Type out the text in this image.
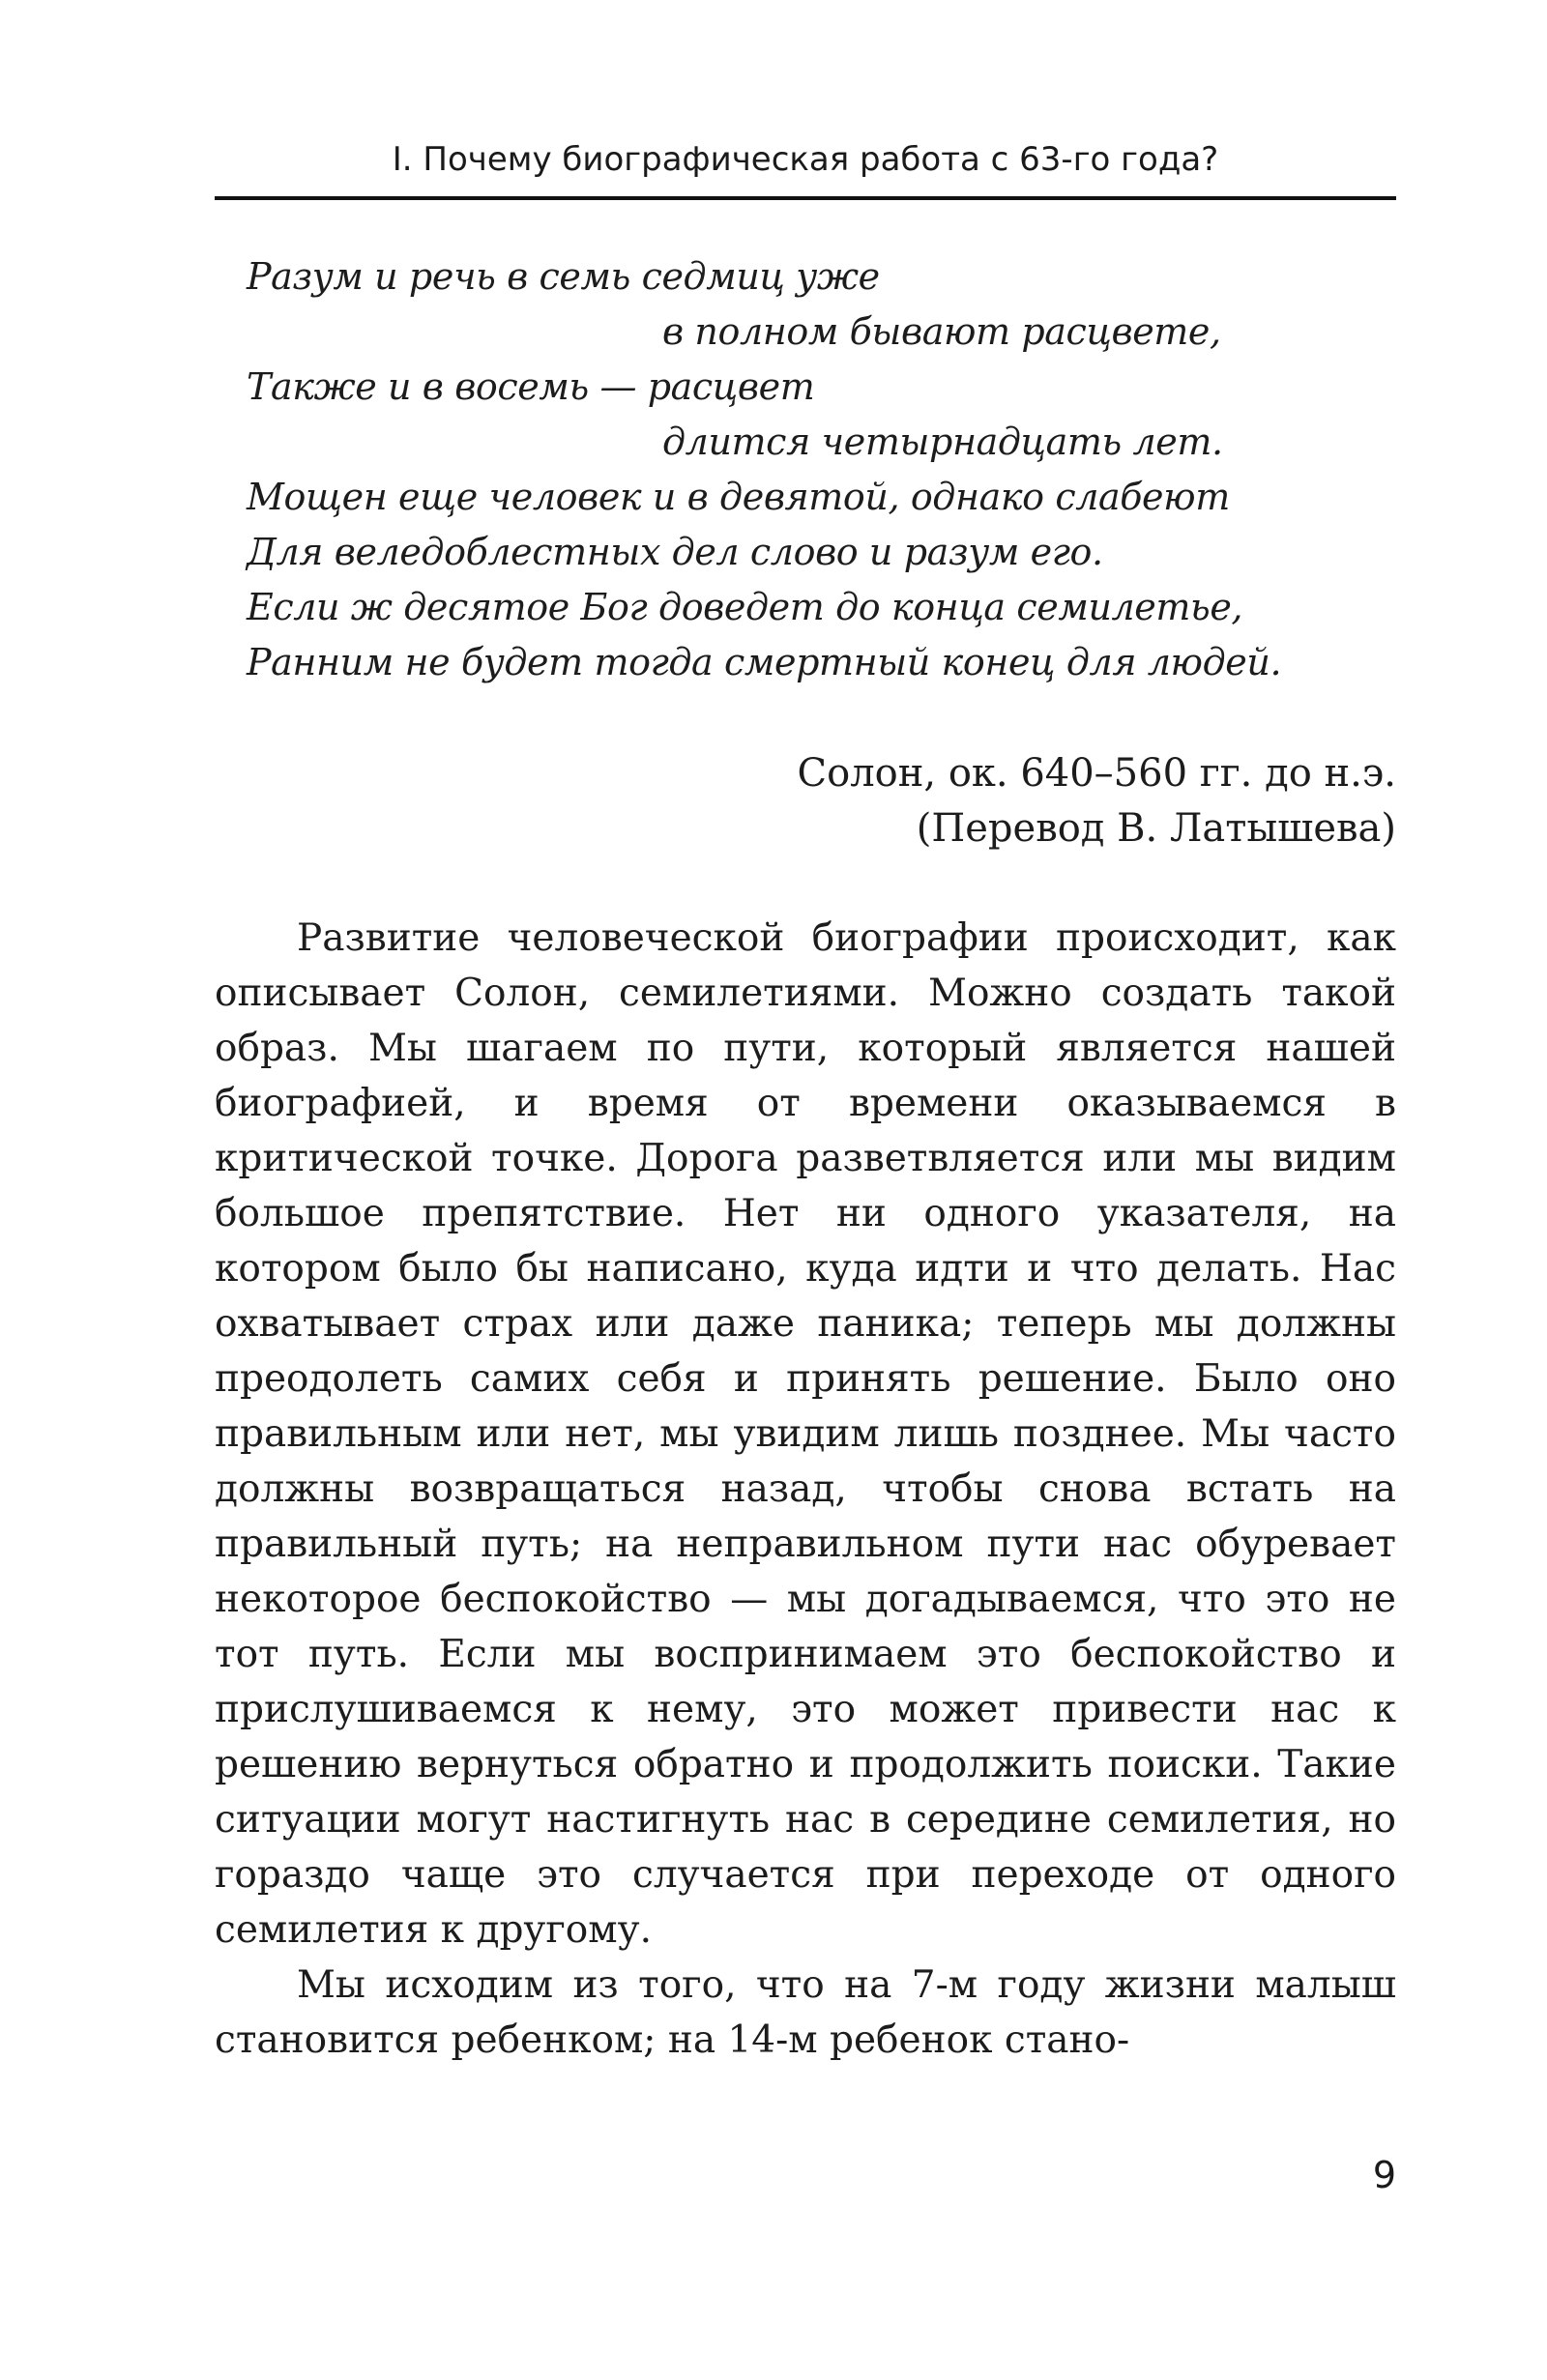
I. Почему биографическая работа с 63-го года?
Разум и речь в семь седмиц уже
в полном бывают расцвете,
Также и в восемь — расцвет
длится четырнадцать лет.
Мощен еще человек и в девятой, однако слабеют
Для веледоблестных дел слово и разум его.
Если ж десятое Бог доведет до конца семилетье,
Ранним не будет тогда смертный конец для людей.
Солон, ок. 640–560 гг. до н.э.
(Перевод В. Латышева)

Развитие человеческой биографии происходит, как описывает Солон, семилетиями. Можно создать такой образ. Мы шагаем по пути, который является нашей биографией, и время от времени оказываемся в критической точке. Дорога разветвляется или мы видим большое препятствие. Нет ни одного указателя, на котором было бы написано, куда идти и что делать. Нас охватывает страх или даже паника; теперь мы должны преодолеть самих себя и принять решение. Было оно правильным или нет, мы увидим лишь позднее. Мы часто должны возвращаться назад, чтобы снова встать на правильный путь; на неправильном пути нас обуревает некоторое беспокойство — мы догадываемся, что это не тот путь. Если мы воспринимаем это беспокойство и прислушиваемся к нему, это может привести нас к решению вернуться обратно и продолжить поиски. Такие ситуации могут настигнуть нас в середине семилетия, но гораздо чаще это случается при переходе от одного семилетия к другому.

Мы исходим из того, что на 7-м году жизни малыш становится ребенком; на 14-м ребенок стано-

9
